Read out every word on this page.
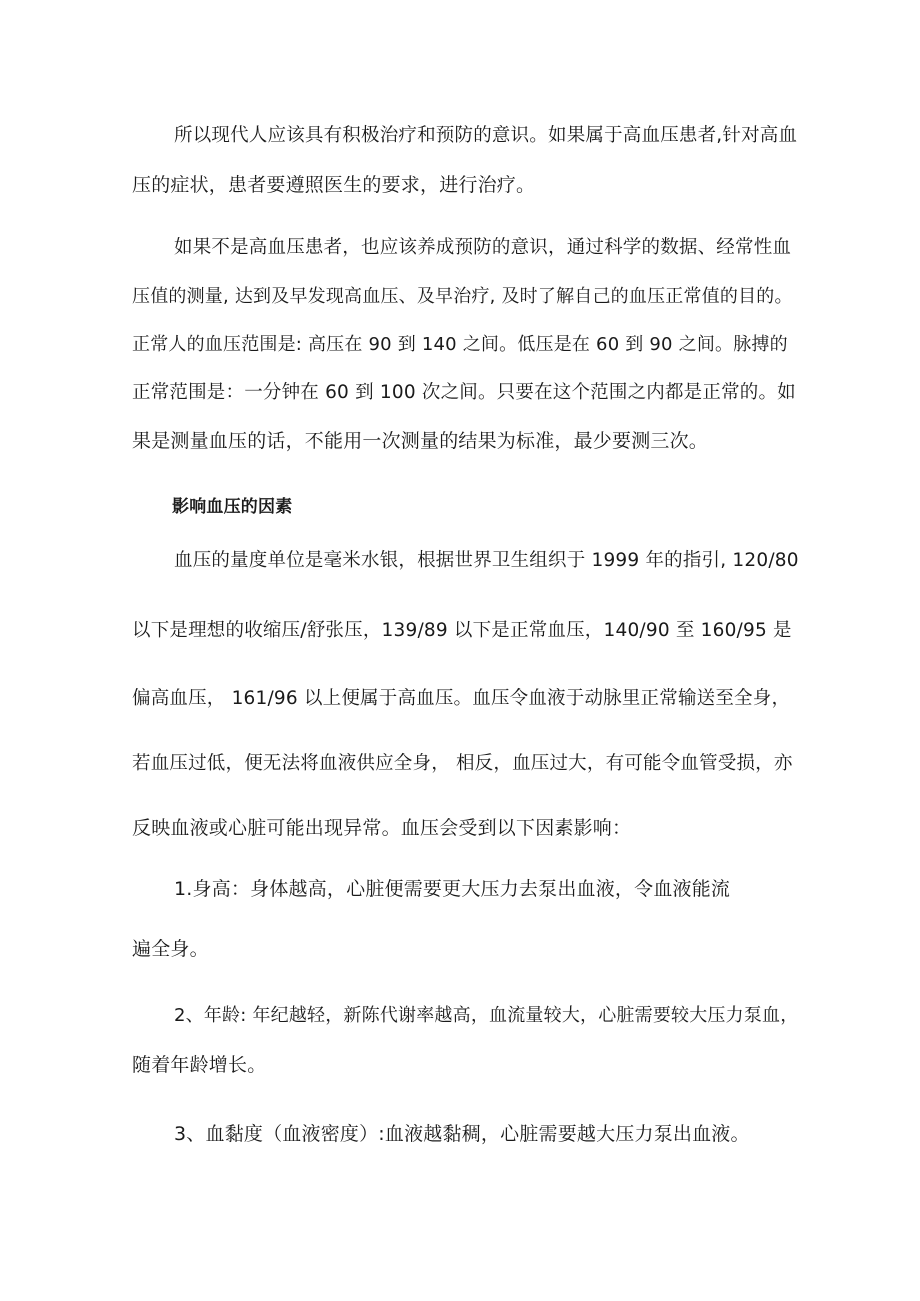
所以现代人应该具有积极治疗和预防的意识。如果属于高血压患者,针对高血
压的症状，患者要遵照医生的要求，进行治疗。
如果不是高血压患者，也应该养成预防的意识，通过科学的数据、经常性血
压值的测量, 达到及早发现高血压、及早治疗, 及时了解自己的血压正常值的目的。
正常人的血压范围是: 高压在 90 到 140 之间。低压是在 60 到 90 之间。脉搏的
正常范围是：一分钟在 60 到 100 次之间。只要在这个范围之内都是正常的。如
果是测量血压的话，不能用一次测量的结果为标准，最少要测三次。
影响血压的因素
血压的量度单位是毫米水银，根据世界卫生组织于 1999 年的指引, 120/80
以下是理想的收缩压/舒张压，139/89 以下是正常血压，140/90 至 160/95 是
偏高血压， 161/96 以上便属于高血压。血压令血液于动脉里正常输送至全身，
若血压过低，便无法将血液供应全身， 相反，血压过大，有可能令血管受损，亦
反映血液或心脏可能出现异常。血压会受到以下因素影响：
1.身高：身体越高，心脏便需要更大压力去泵出血液，令血液能流
遍全身。
2、年龄: 年纪越轻，新陈代谢率越高，血流量较大，心脏需要较大压力泵血，
随着年龄增长。
3、血黏度（血液密度）:血液越黏稠，心脏需要越大压力泵出血液。
